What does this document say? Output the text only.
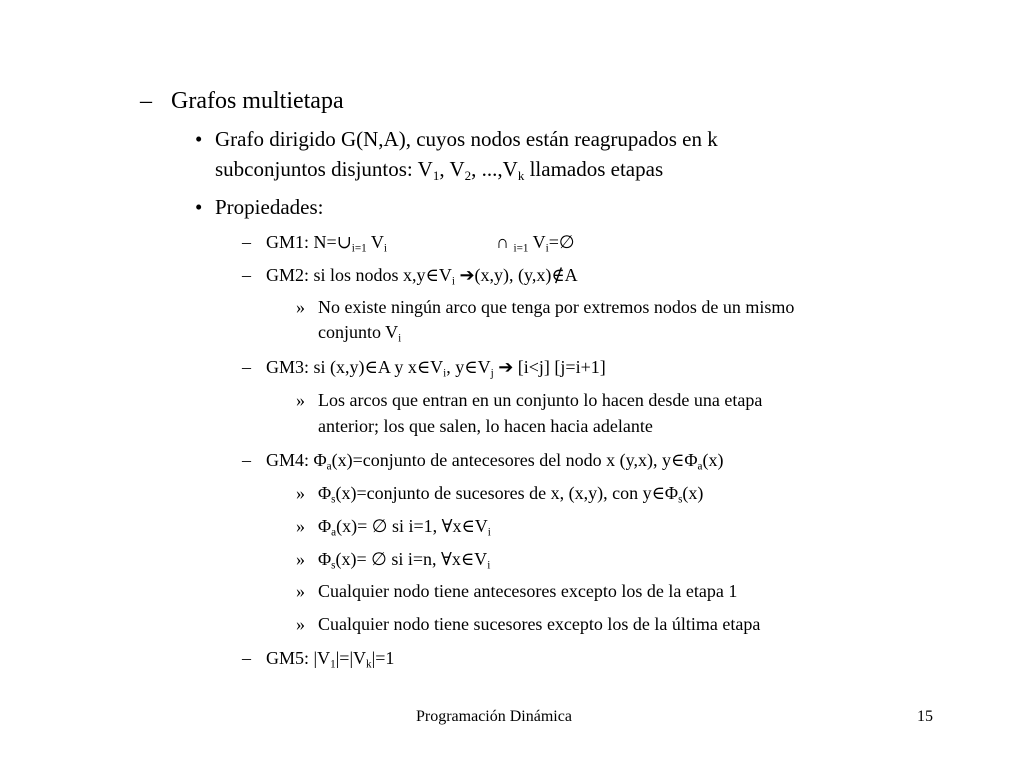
– Grafos multietapa
• Grafo dirigido G(N,A), cuyos nodos están reagrupados en k
subconjuntos disjuntos: $V_1$, $V_2$, $...,V_k$ llamados etapas
• Propiedades:
– GM1: $N=\cup_{i=1}$ $V_i$	∩ $_{i=1}$ $V_i=\emptyset$
– GM2: si los nodos $x,y\in V_i$ ➔(x,y), (y,x)∉A
» No existe ningún arco que tenga por extremos nodos de un mismo
conjunto $V_i$
– GM3: si (x,y)∈A y $x\in V_i$, $y\in V_j$ ➔ [i<j] [j=i+1]
» Los arcos que entran en un conjunto lo hacen desde una etapa
anterior; los que salen, lo hacen hacia adelante
– GM4: $\Phi_a(x)=conjunto$ de antecesores del nodo x (y,x), $y\in\Phi_a(x)$
» $\Phi_s(x)=conjunto$ de sucesores de x, (x,y), con $y\in\Phi_s(x)$
» $\Phi_a(x)=$ ∅ si i=1, $\forall x\in V_i$
» $\Phi_s(x)=$ ∅ si i=n, $\forall x\in V_i$
» Cualquier nodo tiene antecesores excepto los de la etapa 1
» Cualquier nodo tiene sucesores excepto los de la última etapa
– GM5: $|V_1|=|V_k|=1$
Programación Dinámica	15
